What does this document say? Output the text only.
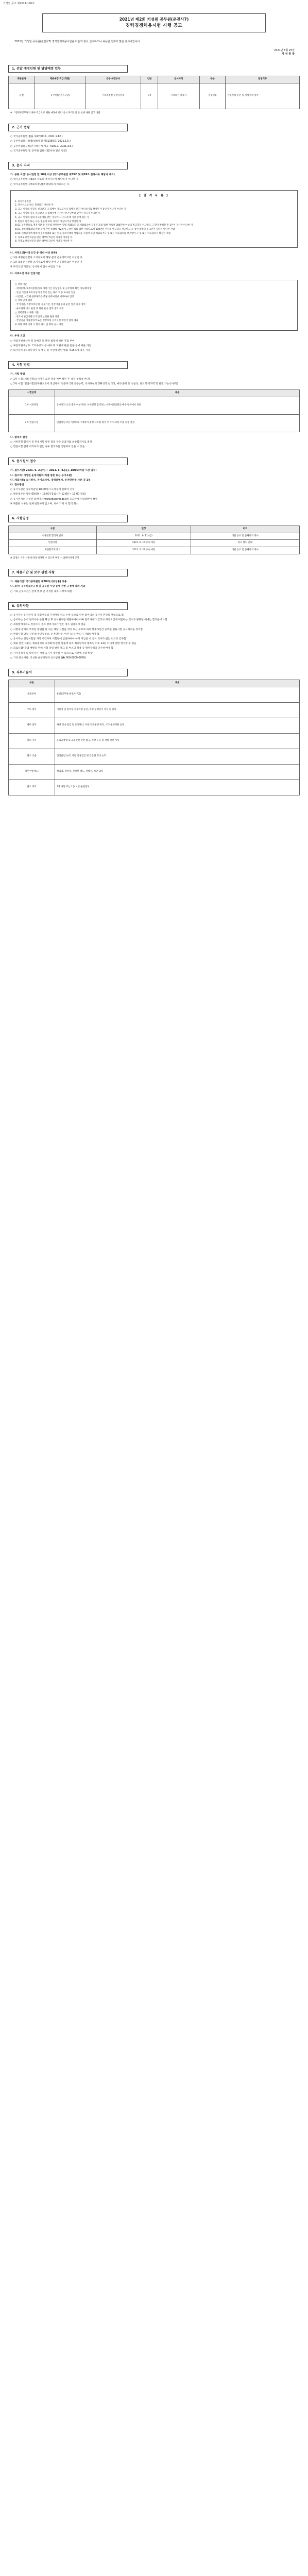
기성원 공고 제2021-126호
2021년 제2회 기성원 공무원(운전사7)
경력경쟁채용시험 시행 공고

2021년 기성원 공무원(운전사7) 경력경쟁채용시험을 다음과 같이 실시하오니 유능한 인재의 많은 응시바랍니다.

2021년 5월 25일

기 성 원 장

1. 선발 예정인원 및 담당예정 업무
채용분야	채용예정 직급(직렬)	근무 예정부서	인원	응시자격	구분	담당직무
운전	공무원(운전사 7급)	기획조정실 운영지원과	1명	자격요건 충족자	경쟁채용	관용차량 운전 및 차량관리 업무

※ 「행정부공무원의 최하 직급으로 채용 예정에 따라 응시 자격요건 등 상세 내용 참고 바람

2. 근거 법령

○ 국가공무원법(법률 제17000호, 2021.1.12.)

○ 공무원임용시험령(대통령령 제31360호, 2021.1.5.)

○ 공무원임용규칙(인사혁신처 예규 제100호, 2021.3.5.)

○ 국가공무원법 및 공무원 임용시험(이하 같은 법령)

3. 응시 자격

가. 공통 요건: 응시연령 만 18세 이상 (국가공무원법 제33조 및 제74조 결격사유 해당자 제외)

○ 국가공무원법 제33조 각호의 결격사유에 해당하지 아니한 자

○ 국가공무원법 제74조(정년)에 해당하지 아니하는 자

[ 결 격 사 유 ]

1. 피성년후견인

2. 파산선고를 받고 복권되지 아니한 자

3. 금고 이상의 실형을 선고받고 그 집행이 종료되거나 집행을 받지 아니하기로 확정된 후 5년이 지나지 아니한 자

4. 금고 이상의 형을 선고받고 그 집행유예 기간이 끝난 날부터 2년이 지나지 아니한 자

5. 금고 이상의 형의 선고유예를 받은 경우에 그 선고유예 기간 중에 있는 자

6. 법원의 판결 또는 다른 법률에 따라 자격이 상실되거나 정지된 자

6의2. 공무원으로 재직기간 중 직무와 관련하여 형법 제355조 및 제356조에 규정된 죄를 범한 자로서 300만원 이상의 벌금형을 선고받고 그 형이 확정된 후 2년이 지나지 아니한 자

6의3. 성폭력범죄의 처벌 등에 관한 특례법 제2조에 규정된 죄를 범한 사람으로서 100만원 이상의 벌금형을 선고받고 그 형이 확정된 후 3년이 지나지 아니한 사람

6의4. 미성년자에 대하여 성폭력범죄 또는 아동·청소년대상 성범죄를 저질러 파면·해임되거나 형 또는 치료감호를 선고받아 그 형 또는 치료감호가 확정된 사람

7. 징계로 파면처분을 받은 때부터 5년이 지나지 아니한 자

8. 징계로 해임처분을 받은 때부터 3년이 지나지 아니한 자

나. 자격요건(아래 요건 중 하나 이상 충족)

○ 1종 대형운전면허 소지자로서 해당 분야 근무경력 2년 이상인 자

○ 1종 보통운전면허 소지자로서 해당 분야 근무경력 3년 이상인 자

※ 자격요건 기준일: 응시원서 접수 마감일 기준

다. 자격요건 세부 인정기준

○ 경력 기준

· 경력증명서(재직증명서)로 경력기간, 담당업무 및 근무형태 확인 가능해야 함

· 동일 기간에 2개 이상의 경력이 있는 경우 그 중 하나만 인정

· 비상근, 시간제 근무경력은 주당 근무시간에 비례하여 인정

○ 경력 인정 범위

· 국가기관, 지방자치단체, 공공기관, 민간기업 등의 운전 업무 종사 경력

· 운수업체 버스 운전 및 화물 운송 업무 경력 포함

○ 경력증명서 제출 기준

· 반드시 발급기관의 직인이 날인된 원본 제출

· 국민연금 가입증명서 또는 건강보험 자격득실 확인서 함께 제출

※ 허위 경력 기재 시 합격 취소 및 향후 응시 제한

라. 우대 요건

○ 취업지원대상자 및 장애인 등 관련 법령에 따른 가점 부여

○ 취업지원대상자: 국가유공자 등 예우 및 지원에 관한 법률 등에 따른 가점

○ 의사상자 등: 의사상자 등 예우 및 지원에 관한 법률 제15조에 따른 가점

4. 시험 방법

가. 시험 방법

○ 1차 시험: 서류전형(응시자격 요건 충족 여부 확인 후 적격·부적격 판단)

○ 2차 시험: 면접시험(공무원으로서 정신자세, 전문지식과 응용능력, 의사표현의 정확성과 논리성, 예의·품행 및 성실성, 창의력·의지력 및 발전 가능성 평정)

시험단계	내용
1차 서류전형	응시자격 요건 충족 여부 판단, 서류전형 합격자는 선발예정인원의 배수 범위에서 결정
2차 면접시험	면접위원 3인 이상으로 구성하여 평정 요소별 평가 후 우수·보통·미흡 등급 결정

나. 합격자 결정

○ 서류전형 합격자 중 면접시험 평정 결과 우수 등급자를 최종합격자로 결정

○ 면접시험 결과 적격자가 없는 경우 합격자를 선발하지 않을 수 있음

5. 응시원서 접수

가. 접수기간: 2021. 6. 2.(수) ~ 2021. 6. 4.(금), 18:00(마감 시간 엄수)

나. 접수처: 기성원 운영지원과(직접 방문 또는 등기우편)

다. 제출서류: 응시원서, 자기소개서, 경력증명서, 운전면허증 사본 각 1부

라. 접수방법

○ 등기우편은 접수마감일 18:00까지 도착분에 한하여 인정

○ 방문접수는 평일 09:00 ~ 18:00 (점심시간 12:00 ~ 13:00 제외)

○ 응시원서는 기성원 홈페이지(www.giseong.go.kr) 공고란에서 내려받아 작성

※ 제출된 서류는 일체 반환하지 않으며, 허위 기재 시 합격 취소

6. 시험일정
구분	일정	비고
서류전형 합격자 발표	2021. 6. 11.(금)	개별 통보 및 홈페이지 게시
면접시험	2021. 6. 16.(수) 예정	장소 별도 안내
최종합격자 발표	2021. 6. 23.(수) 예정	개별 통보 및 홈페이지 게시

※ 일정은 기관 사정에 따라 변경될 수 있으며 변경 시 홈페이지에 공지

7. 채용기간 및 보수 관련 사항

가. 채용기간: 국가공무원법 제28조(시보임용) 적용

나. 보수: 공무원보수규정 및 공무원 수당 등에 관한 규정에 따라 지급

○ 기타 근무조건은 관계 법령 및 기성원 내부 규정에 따름

8. 유의사항

○ 응시자는 응시원서 및 제출서류의 기재사항 착오·누락 등으로 인한 불이익은 응시자 본인의 책임으로 함

○ 응시자는 응시 결격사유 등을 확인 후 응시원서를 제출하여야 하며 결격사유가 있거나 자격요건에 미달하는 것으로 판명된 때에는 합격을 취소함

○ 최종합격자라도 신원조사 결과 결격사유가 있는 경우 임용하지 않음

○ 시험에 관하여 부정한 행위를 한 자는 해당 시험을 정지 또는 무효로 하며 향후 5년간 공무원 임용시험 응시자격을 정지함

○ 면접시험 당일 신분증(주민등록증, 운전면허증, 여권 등)을 반드시 지참하여야 함

○ 응시자는 면접시험일 지정 시간까지 시험장에 입실하여야 하며 미입실 시 응시 의사가 없는 것으로 간주함

○ 채용 관련 서류는 채용절차의 공정화에 관한 법률에 따라 최종합격자 발표일 이후 14일 이내에 반환 청구할 수 있음

○ 코로나19 감염 예방을 위해 시험 당일 발열 체크 및 마스크 착용 등 방역수칙을 준수하여야 함

○ 자가격리자 및 확진자는 시험 응시가 제한될 수 있으므로 사전에 문의 바람

○ 기타 문의사항: 기성원 운영지원과 인사담당 (☎ 000-0000-0000)

9. 직무기술서
구분	내용
채용분야	운전(공무원 운전사 7급)
주요 업무	기관장 및 업무용 관용차량 운전, 차량 운행일지 작성 및 관리
세부 업무	차량 정비·점검 및 유지관리, 차량 안전운행 관리, 기타 운영지원 업무
필요 지식	도로교통법 및 교통안전 관련 법규, 차량 구조 및 정비 관련 지식
필요 기술	안전운전 능력, 차량 일상점검 및 간단한 정비 능력
직무수행 태도	책임감, 성실성, 친절한 태도, 정확성, 보안 의식
필요 자격	1종 대형 또는 1종 보통 운전면허
